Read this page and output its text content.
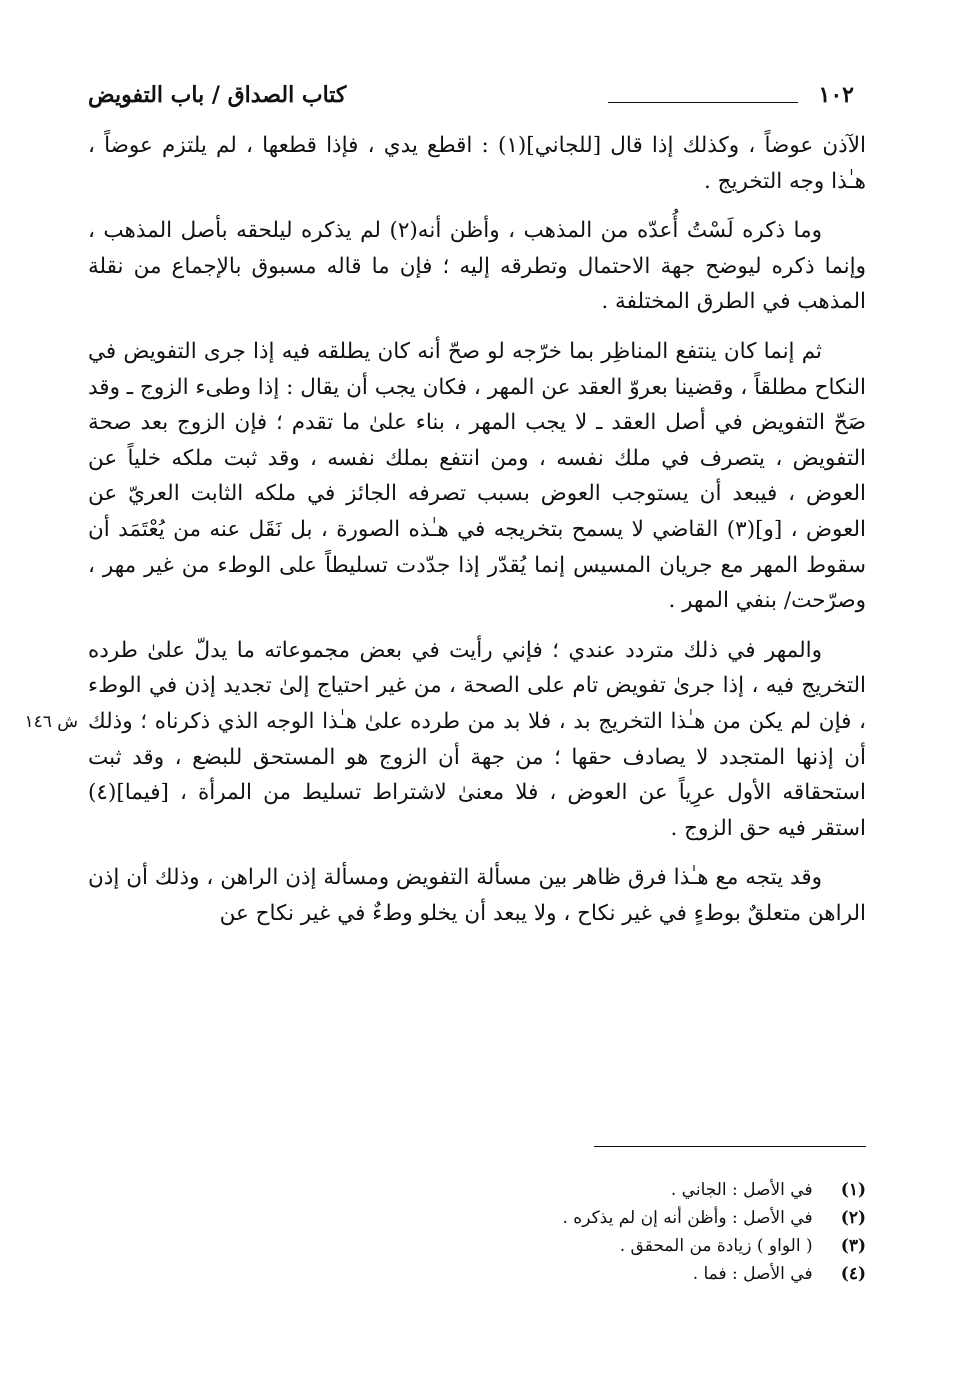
١٠٢
كتاب الصداق / باب التفويض
ش ١٤٦

الآذن عوضاً ، وكذلك إذا قال [للجاني](١) : اقطع يدي ، فإذا قطعها ، لم يلتزم عوضاً ، هـٰذا وجه التخريج .

وما ذكره لَسْتُ أُعدّه من المذهب ، وأظن أنه(٢) لم يذكره ليلحقه بأصل المذهب ، وإنما ذكره ليوضح جهة الاحتمال وتطرقه إليه ؛ فإن ما قاله مسبوق بالإجماع من نقلة المذهب في الطرق المختلفة .

ثم إنما كان ينتفع المناظِر بما خرّجه لو صحّ أنه كان يطلقه فيه إذا جرى التفويض في النكاح مطلقاً ، وقضينا بعروّ العقد عن المهر ، فكان يجب أن يقال : إذا وطىء الزوج ـ وقد صَحّ التفويض في أصل العقد ـ لا يجب المهر ، بناء علىٰ ما تقدم ؛ فإن الزوج بعد صحة التفويض ، يتصرف في ملك نفسه ، ومن انتفع بملك نفسه ، وقد ثبت ملكه خلياً عن العوض ، فيبعد أن يستوجب العوض بسبب تصرفه الجائز في ملكه الثابت العريّ عن العوض ، [و](٣) القاضي لا يسمح بتخريجه في هـٰذه الصورة ، بل نَقَل عنه من يُعْتَمَد أن سقوط المهر مع جريان المسيس إنما يُقدّر إذا جدّدت تسليطاً على الوطء من غير مهر ، وصرّحت/ بنفي المهر .

والمهر في ذلك متردد عندي ؛ فإني رأيت في بعض مجموعاته ما يدلّ علىٰ طرده التخريج فيه ، إذا جرىٰ تفويض تام على الصحة ، من غير احتياج إلىٰ تجديد إذن في الوطء ، فإن لم يكن من هـٰذا التخريج بد ، فلا بد من طرده علىٰ هـٰذا الوجه الذي ذكرناه ؛ وذلك أن إذنها المتجدد لا يصادف حقها ؛ من جهة أن الزوج هو المستحق للبضع ، وقد ثبت استحقاقه الأول عرِياً عن العوض ، فلا معنىٰ لاشتراط تسليط من المرأة ، [فيما](٤) استقر فيه حق الزوج .

وقد يتجه مع هـٰذا فرق ظاهر بين مسألة التفويض ومسألة إذن الراهن ، وذلك أن إذن الراهن متعلقٌ بوطءٍ في غير نكاح ، ولا يبعد أن يخلو وطءٌ في غير نكاح عن

(١) في الأصل : الجاني .
(٢) في الأصل : وأظن أنه إن لم يذكره .
(٣) ( الواو ) زيادة من المحقق .
(٤) في الأصل : فما .
